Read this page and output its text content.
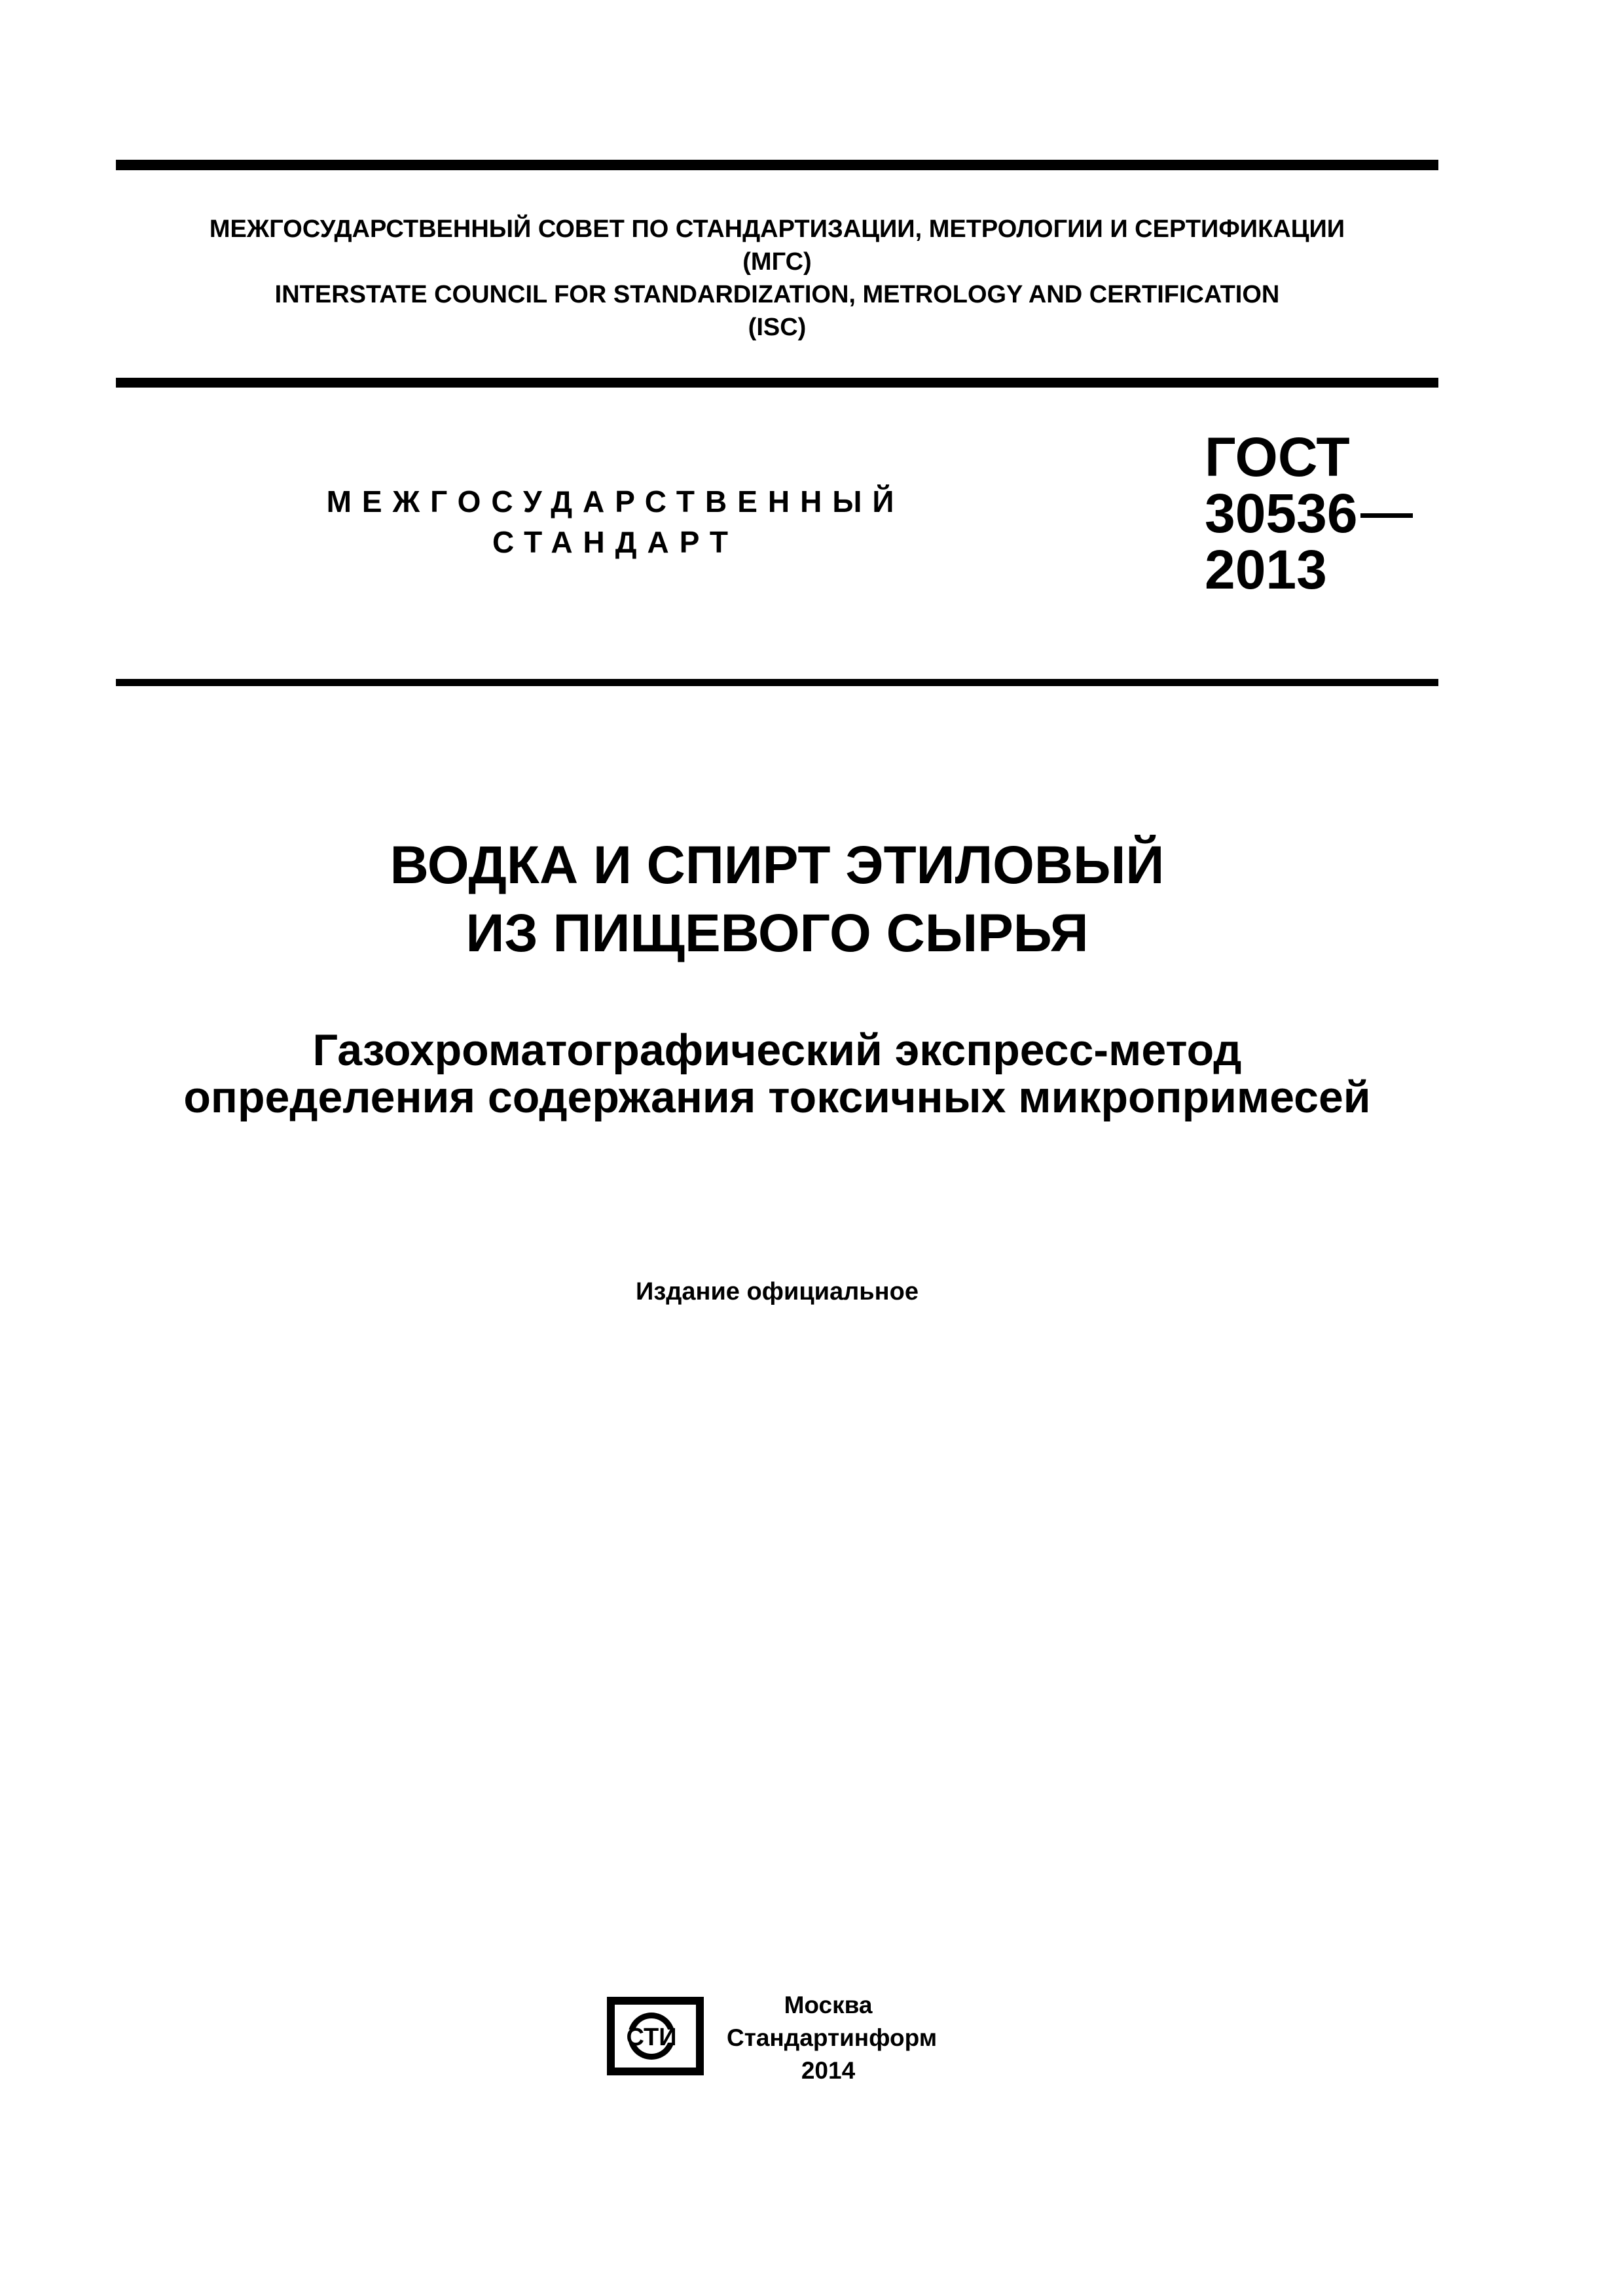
МЕЖГОСУДАРСТВЕННЫЙ СОВЕТ ПО СТАНДАРТИЗАЦИИ, МЕТРОЛОГИИ И СЕРТИФИКАЦИИ
(МГС)
INTERSTATE COUNCIL FOR STANDARDIZATION, METROLOGY AND CERTIFICATION
(ISC)
МЕЖГОСУДАРСТВЕННЫЙ
СТАНДАРТ
ГОСТ
30536
2013
ВОДКА И СПИРТ ЭТИЛОВЫЙ
ИЗ ПИЩЕВОГО СЫРЬЯ
Газохроматографический экспресс-метод
определения содержания токсичных микропримесей
Издание официальное
СТИ
Москва
Стандартинформ
2014
